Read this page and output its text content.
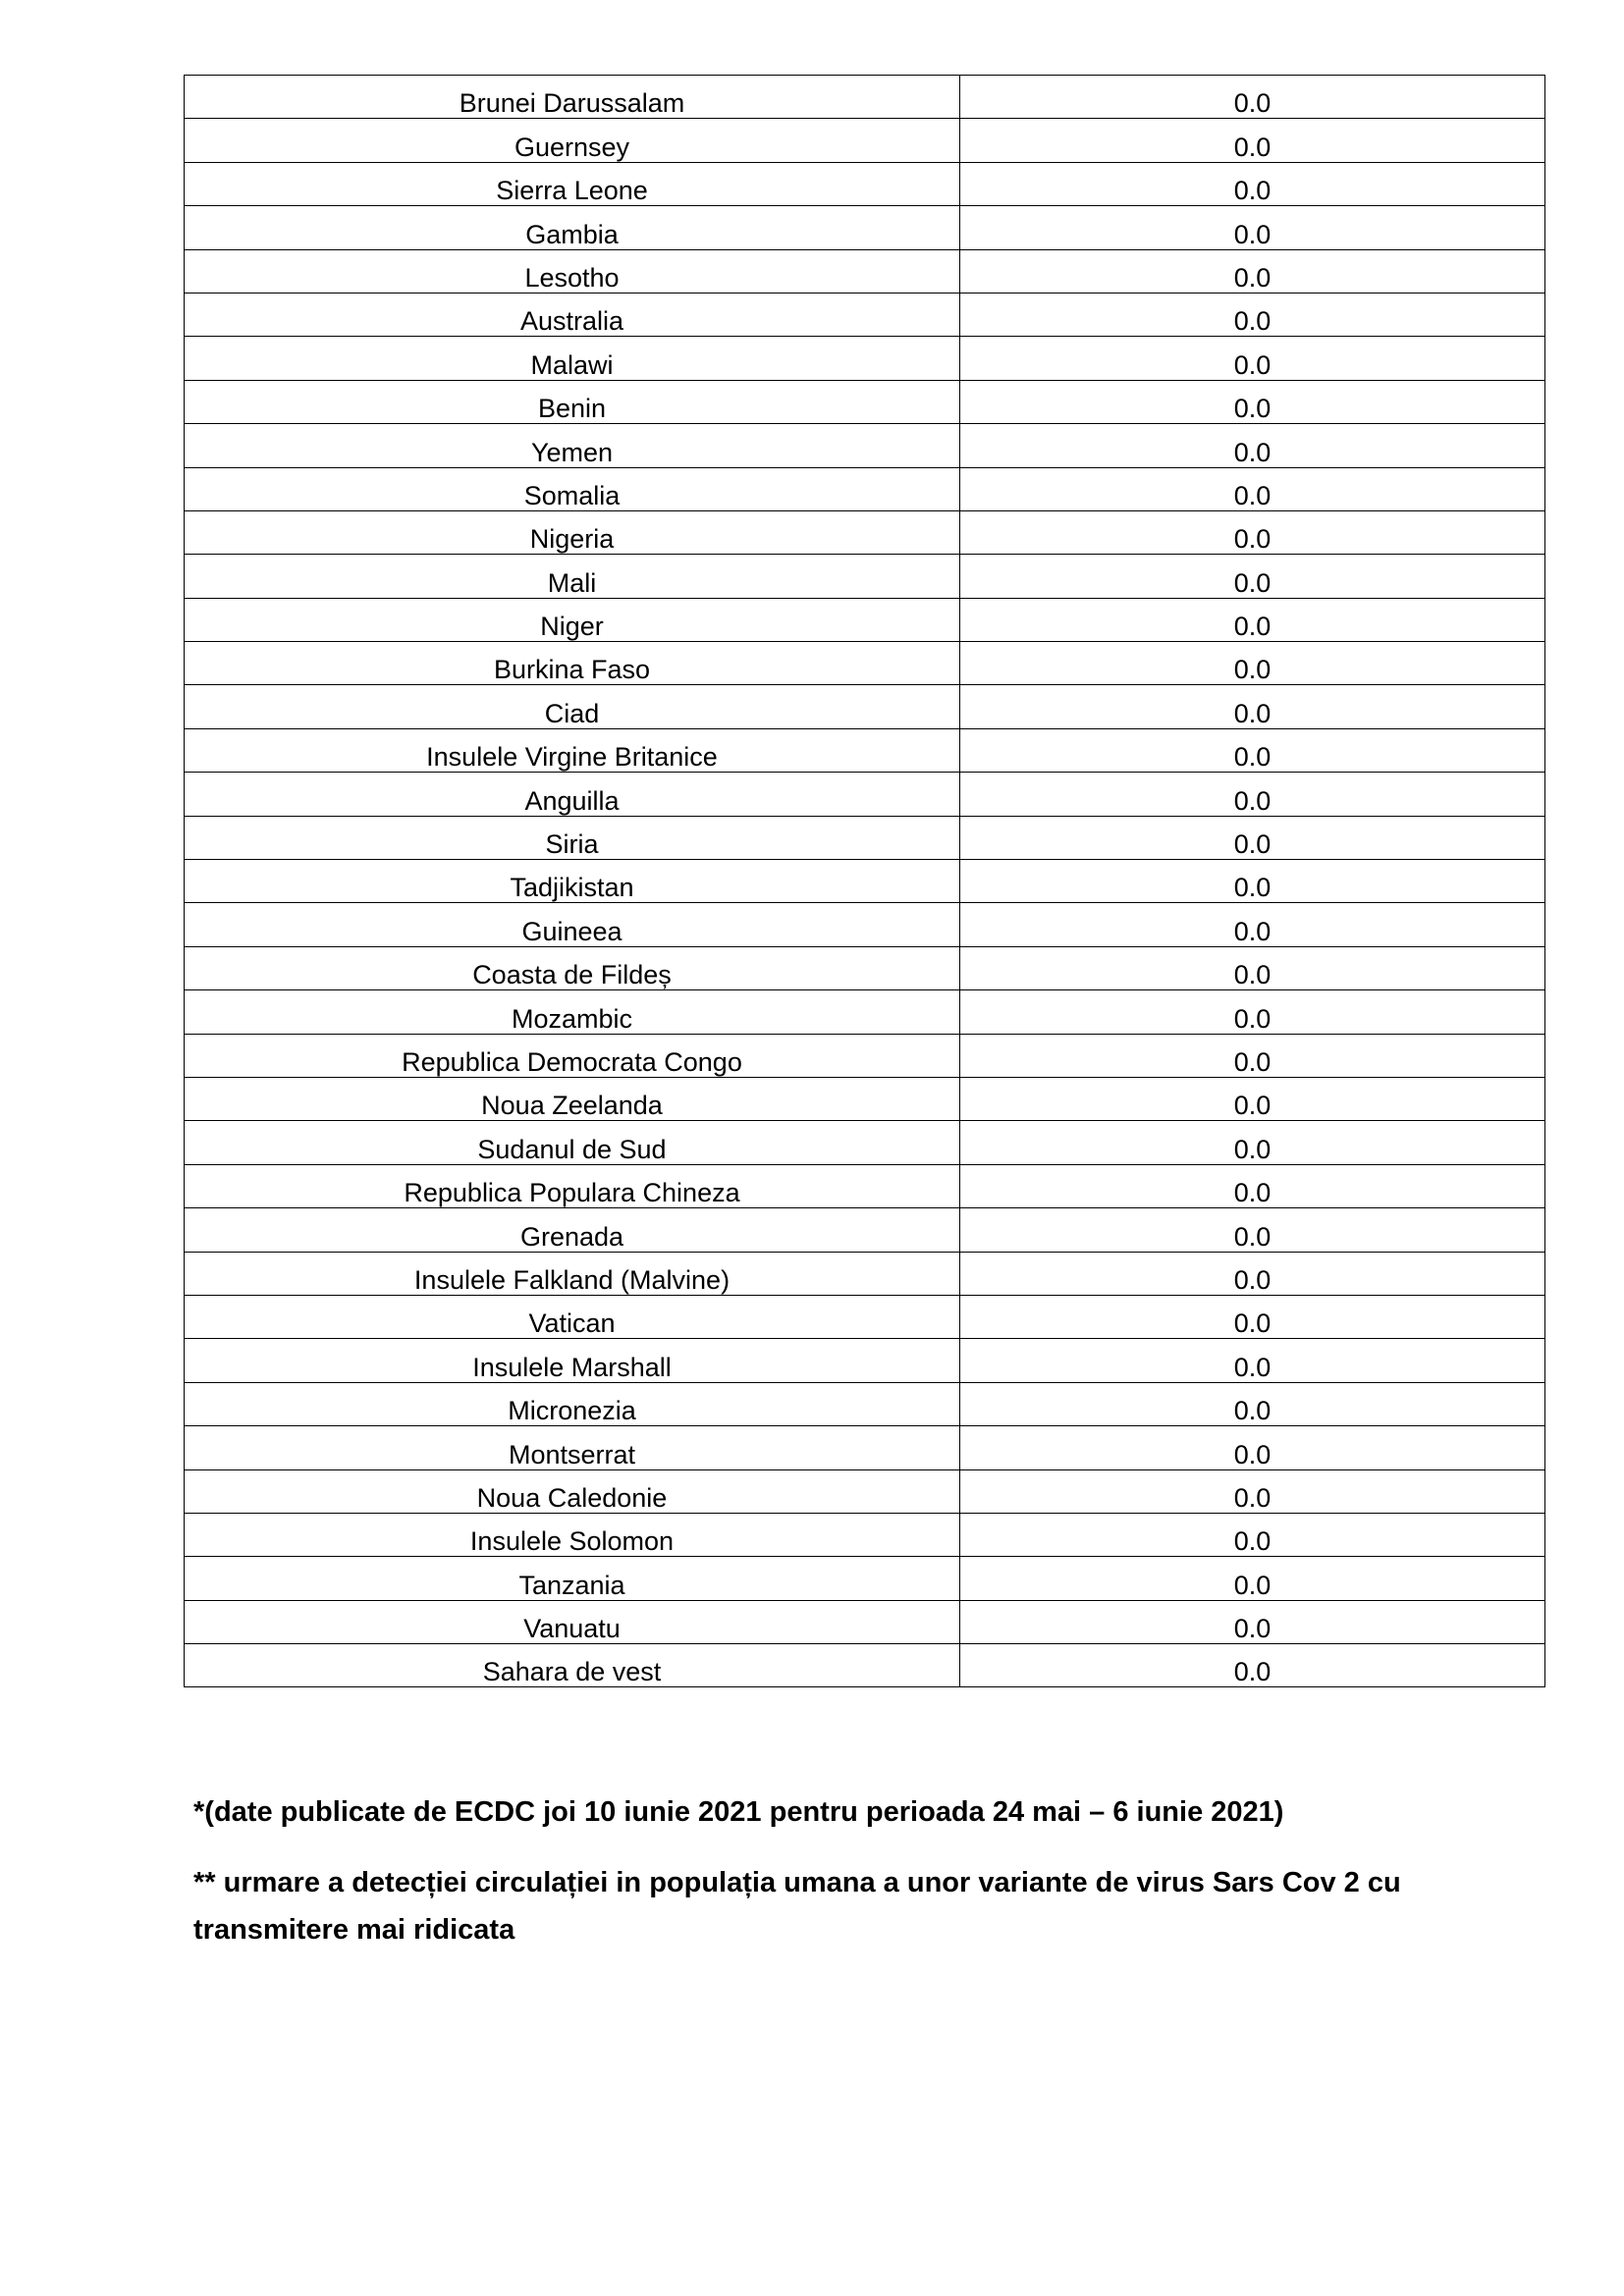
Brunei Darussalam	0.0
Guernsey	0.0
Sierra Leone	0.0
Gambia	0.0
Lesotho	0.0
Australia	0.0
Malawi	0.0
Benin	0.0
Yemen	0.0
Somalia	0.0
Nigeria	0.0
Mali	0.0
Niger	0.0
Burkina Faso	0.0
Ciad	0.0
Insulele Virgine Britanice	0.0
Anguilla	0.0
Siria	0.0
Tadjikistan	0.0
Guineea	0.0
Coasta de Fildeș	0.0
Mozambic	0.0
Republica Democrata Congo	0.0
Noua Zeelanda	0.0
Sudanul de Sud	0.0
Republica Populara Chineza	0.0
Grenada	0.0
Insulele Falkland (Malvine)	0.0
Vatican	0.0
Insulele Marshall	0.0
Micronezia	0.0
Montserrat	0.0
Noua Caledonie	0.0
Insulele Solomon	0.0
Tanzania	0.0
Vanuatu	0.0
Sahara de vest	0.0

*(date publicate de ECDC joi 10 iunie 2021 pentru perioada 24 mai – 6 iunie 2021)

** urmare a detecției circulației in populația umana a unor variante de virus Sars Cov 2 cu transmitere mai ridicata
